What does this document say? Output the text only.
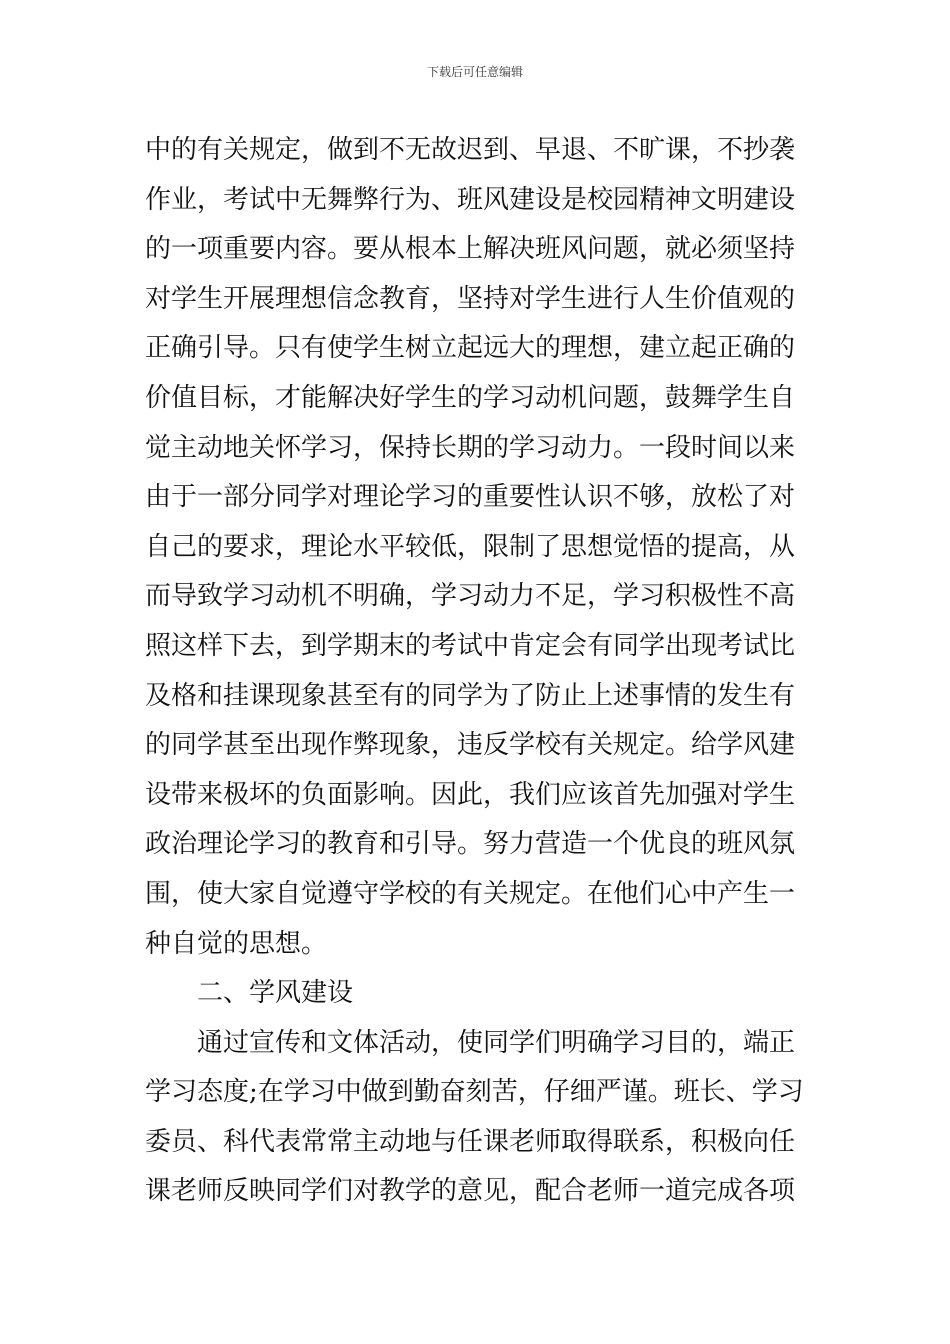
下载后可任意编辑
中的有关规定，做到不无故迟到、早退、不旷课，不抄袭
作业，考试中无舞弊行为、班风建设是校园精神文明建设
的一项重要内容。要从根本上解决班风问题，就必须坚持
对学生开展理想信念教育，坚持对学生进行人生价值观的
正确引导。只有使学生树立起远大的理想，建立起正确的
价值目标，才能解决好学生的学习动机问题，鼓舞学生自
觉主动地关怀学习，保持长期的学习动力。一段时间以来
由于一部分同学对理论学习的重要性认识不够，放松了对
自己的要求，理论水平较低，限制了思想觉悟的提高，从
而导致学习动机不明确，学习动力不足，学习积极性不高
照这样下去，到学期末的考试中肯定会有同学出现考试比
及格和挂课现象甚至有的同学为了防止上述事情的发生有
的同学甚至出现作弊现象，违反学校有关规定。给学风建
设带来极坏的负面影响。因此，我们应该首先加强对学生
政治理论学习的教育和引导。努力营造一个优良的班风氛
围，使大家自觉遵守学校的有关规定。在他们心中产生一
种自觉的思想。
二、学风建设
通过宣传和文体活动，使同学们明确学习目的，端正
学习态度;在学习中做到勤奋刻苦，仔细严谨。班长、学习
委员、科代表常常主动地与任课老师取得联系，积极向任
课老师反映同学们对教学的意见，配合老师一道完成各项
